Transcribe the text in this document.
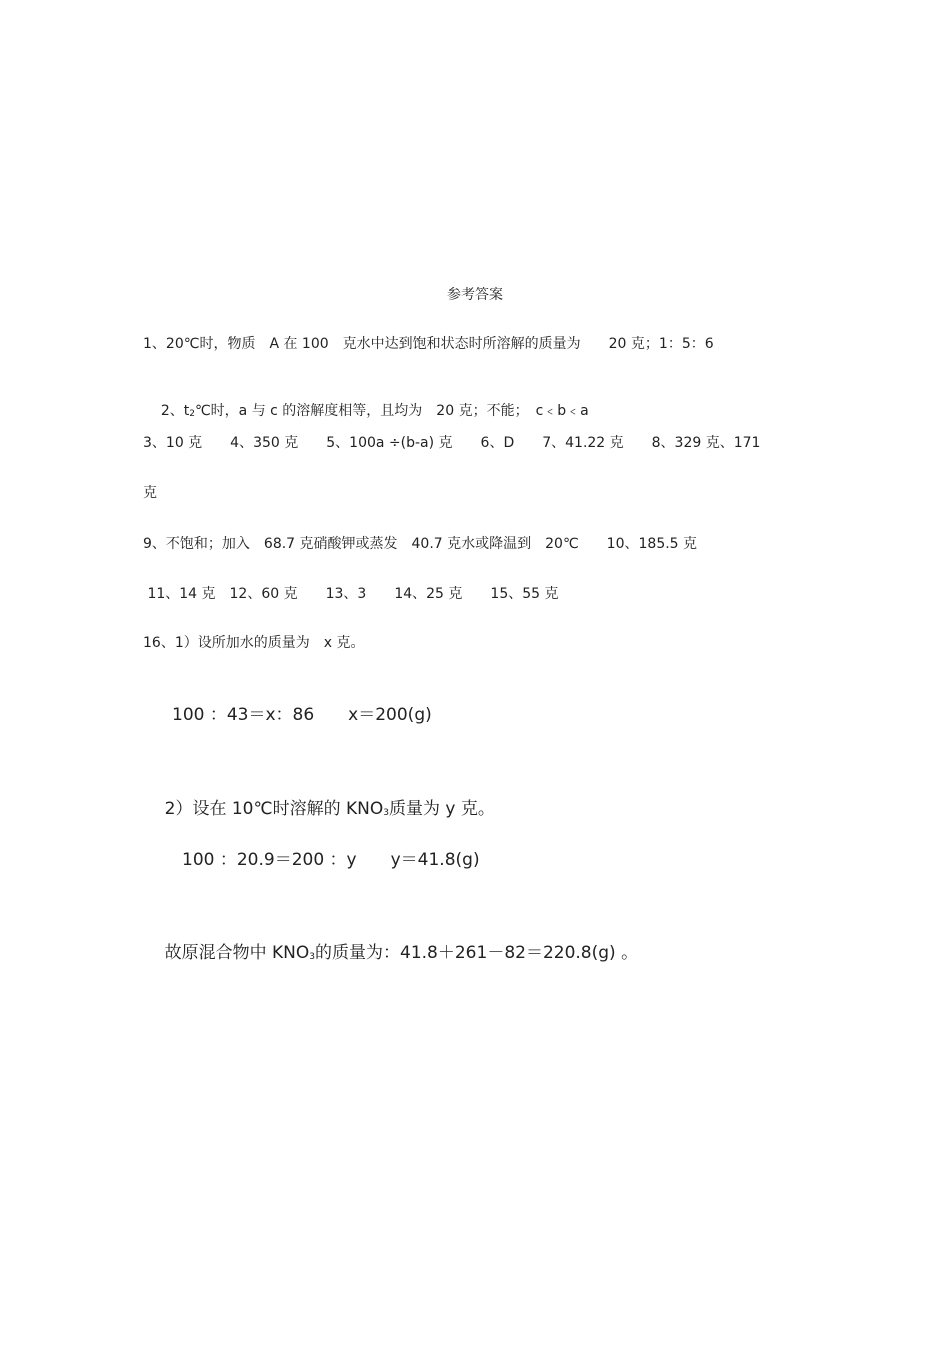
参考答案
1、20℃时，物质　A 在 100　克水中达到饱和状态时所溶解的质量为　　20 克；1：5：6

2、t2℃时，a 与 c 的溶解度相等，且均为　20 克；不能；　c﹤b﹤a

3、10 克　　4、350 克　　5、100a ÷(b-a) 克　　6、D　　7、41.22 克　　8、329 克、171
克
9、不饱和；加入　68.7 克硝酸钾或蒸发　40.7 克水或降温到　20℃　　10、185.5 克
11、14 克　12、60 克　　13、3　　14、25 克　　15、55 克
16、1）设所加水的质量为　x 克。
100 ：43＝x：86　　x＝200(g)

2）设在 10℃时溶解的 KNO3质量为 y 克。

100 ：20.9＝200 ：y　　y＝41.8(g)

故原混合物中 KNO3的质量为：41.8＋261－82＝220.8(g) 。
